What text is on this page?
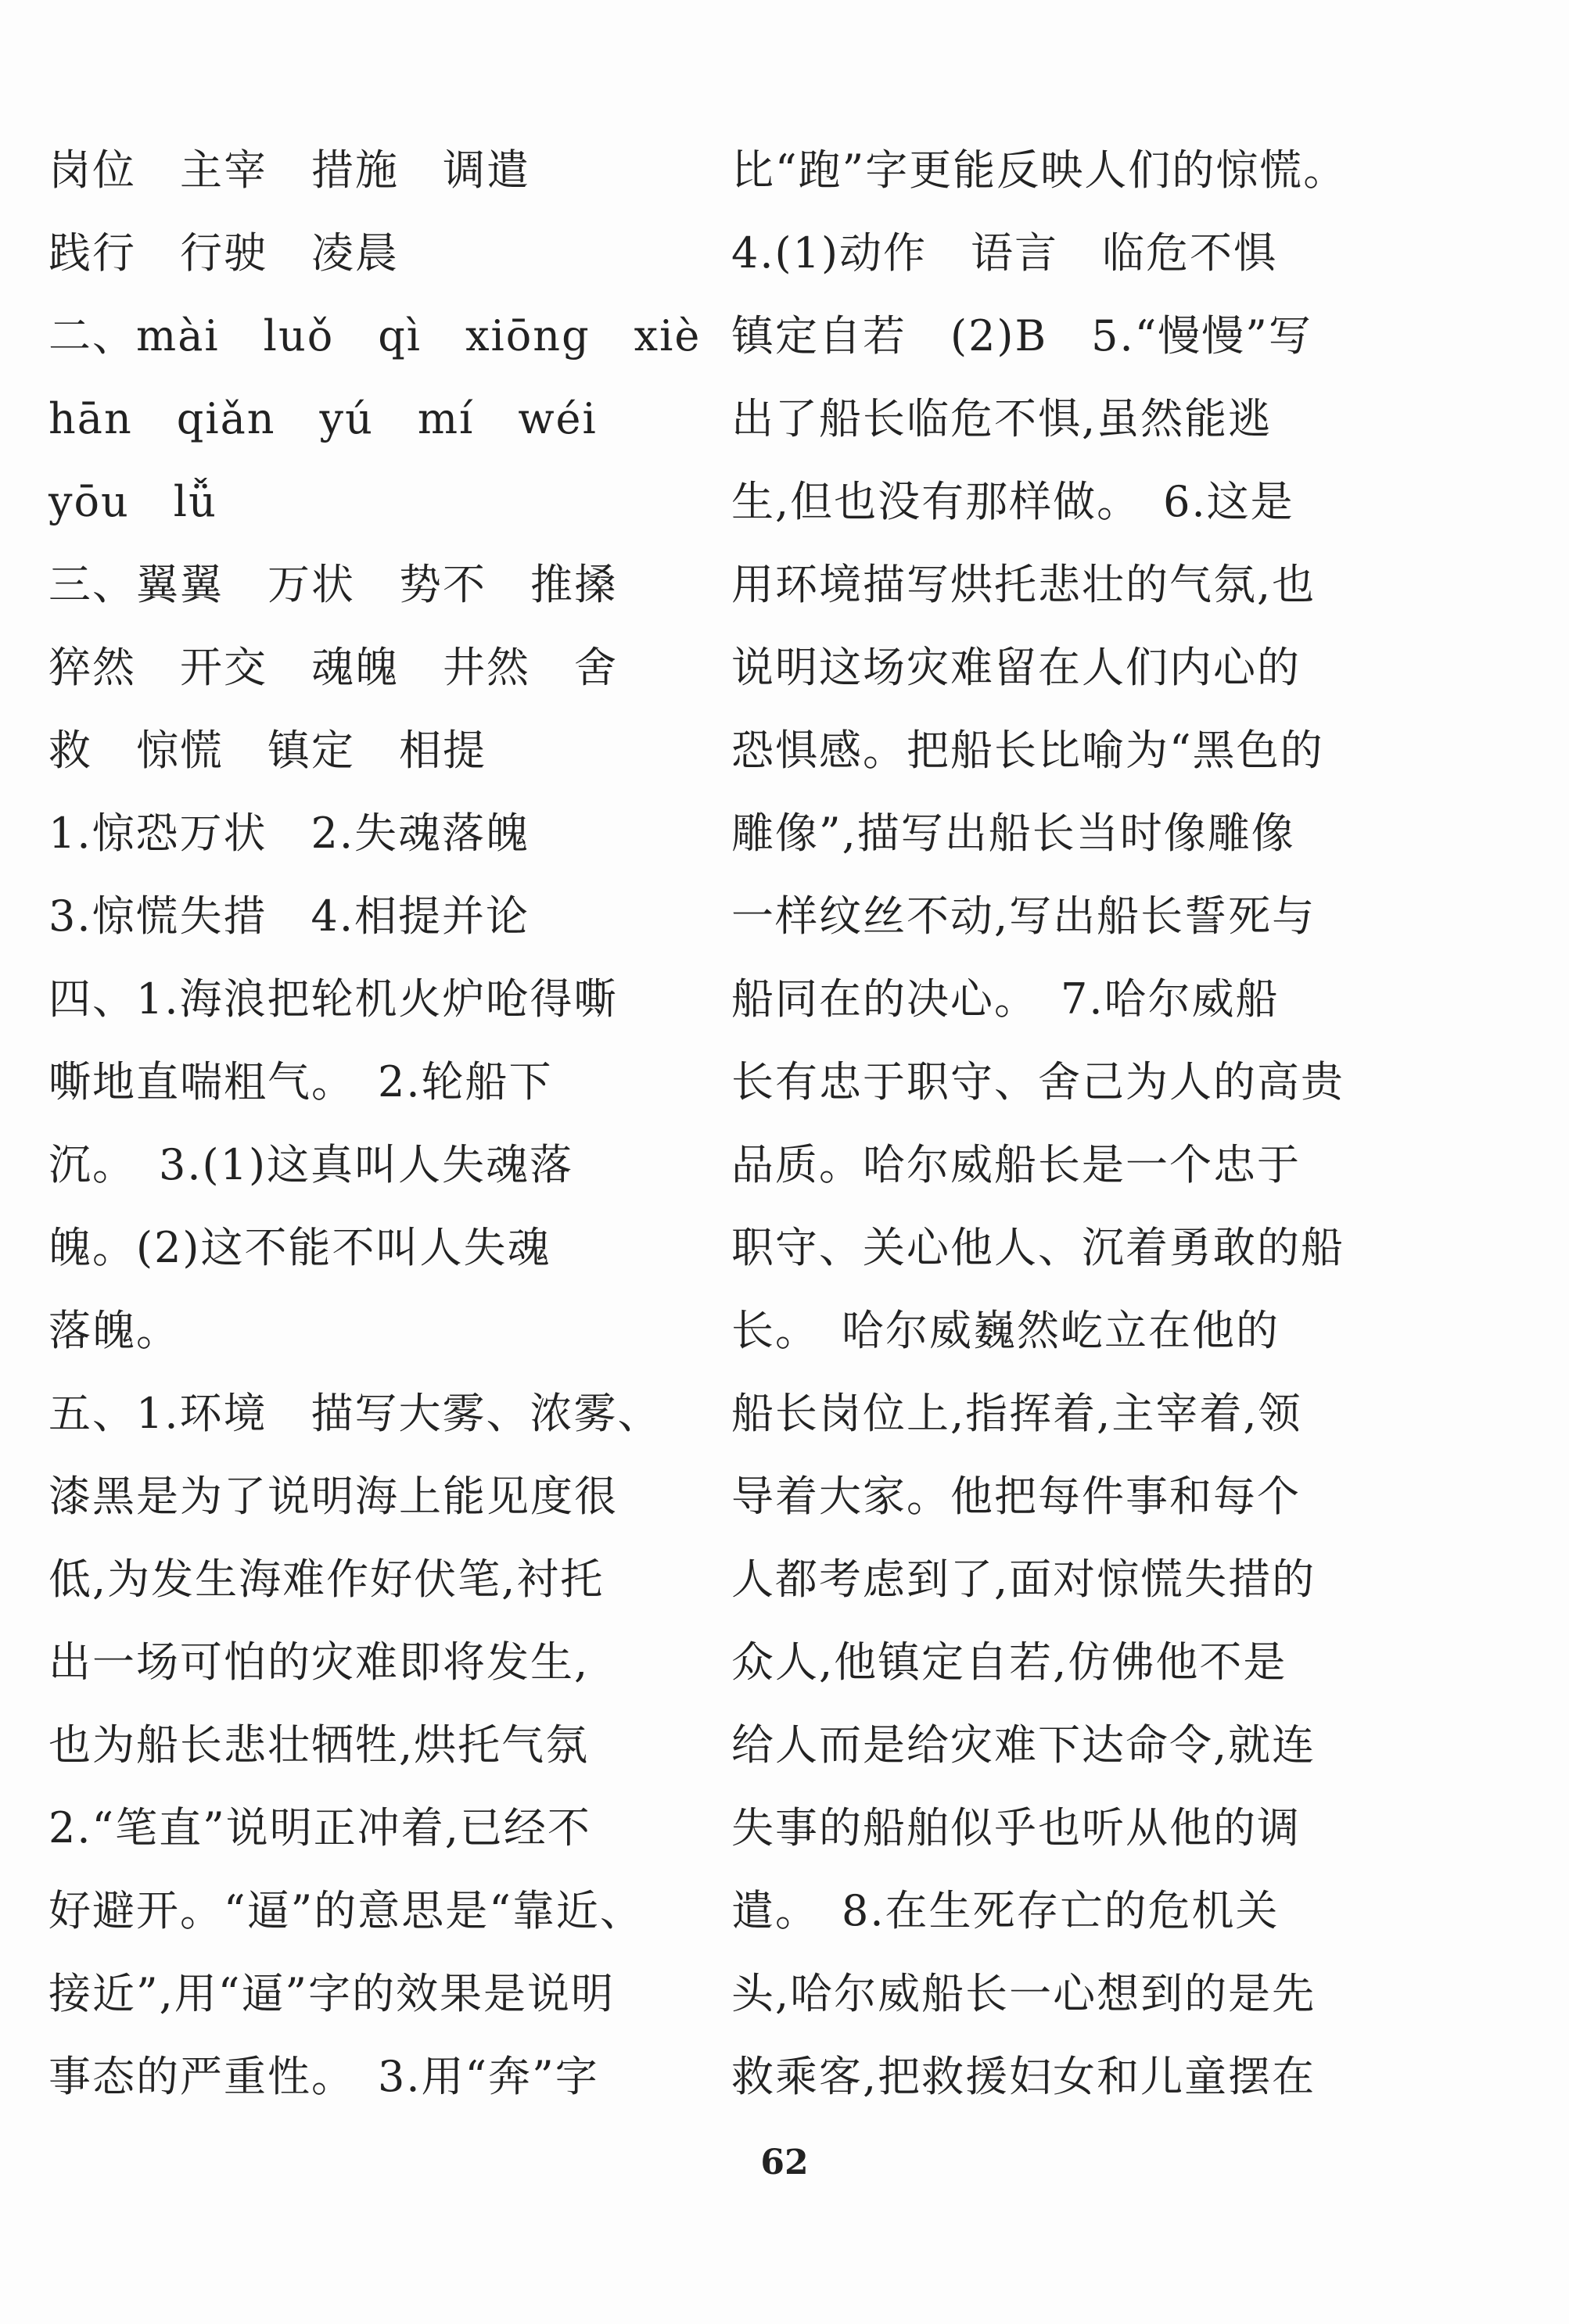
岗位　主宰　措施　调遣
践行　行驶　凌晨
二、mài　luǒ　qì　xiōng　xiè
hān　qiǎn　yú　mí　wéi
yōu　lǚ
三、翼翼　万状　势不　推搡
猝然　开交　魂魄　井然　舍
救　惊慌　镇定　相提
1.惊恐万状　2.失魂落魄
3.惊慌失措　4.相提并论
四、1.海浪把轮机火炉呛得嘶
嘶地直喘粗气。　2.轮船下
沉。　3.(1)这真叫人失魂落
魄。(2)这不能不叫人失魂
落魄。
五、1.环境　描写大雾、浓雾、
漆黑是为了说明海上能见度很
低,为发生海难作好伏笔,衬托
出一场可怕的灾难即将发生,
也为船长悲壮牺牲,烘托气氛
2.“笔直”说明正冲着,已经不
好避开。“逼”的意思是“靠近、
接近”,用“逼”字的效果是说明
事态的严重性。　3.用“奔”字
比“跑”字更能反映人们的惊慌。
4.(1)动作　语言　临危不惧
镇定自若　(2)B　5.“慢慢”写
出了船长临危不惧,虽然能逃
生,但也没有那样做。　6.这是
用环境描写烘托悲壮的气氛,也
说明这场灾难留在人们内心的
恐惧感。把船长比喻为“黑色的
雕像”,描写出船长当时像雕像
一样纹丝不动,写出船长誓死与
船同在的决心。　7.哈尔威船
长有忠于职守、舍己为人的高贵
品质。哈尔威船长是一个忠于
职守、关心他人、沉着勇敢的船
长。　哈尔威巍然屹立在他的
船长岗位上,指挥着,主宰着,领
导着大家。他把每件事和每个
人都考虑到了,面对惊慌失措的
众人,他镇定自若,仿佛他不是
给人而是给灾难下达命令,就连
失事的船舶似乎也听从他的调
遣。　8.在生死存亡的危机关
头,哈尔威船长一心想到的是先
救乘客,把救援妇女和儿童摆在
62
